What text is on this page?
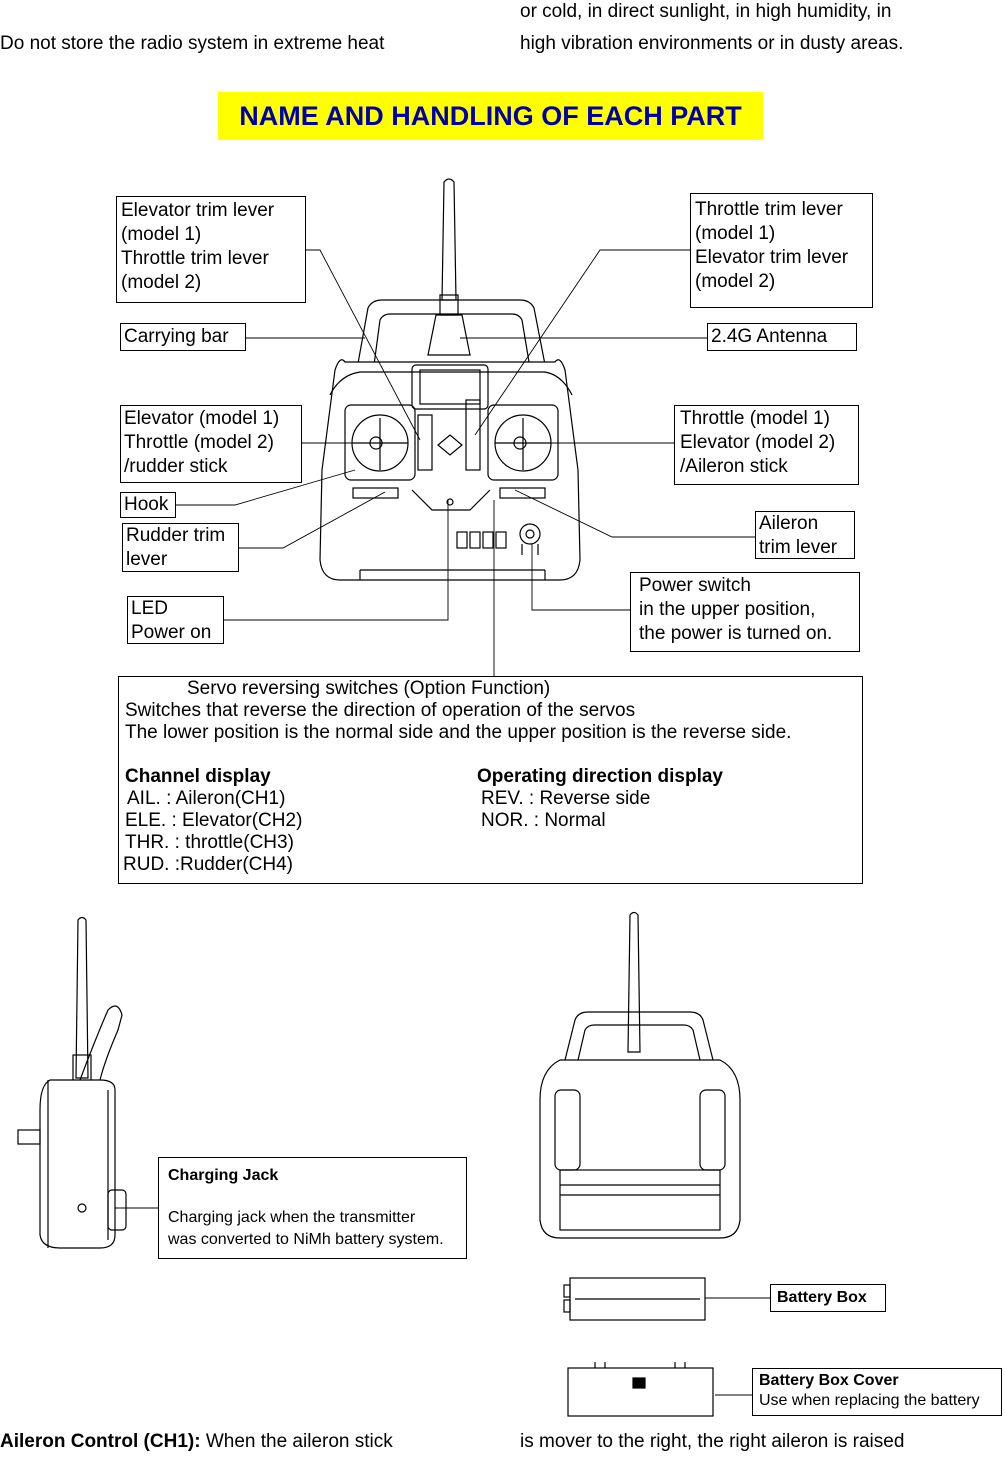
Do not store the radio system in extreme heat
or cold, in direct sunlight, in high humidity, in
high vibration environments or in dusty areas.
NAME AND HANDLING OF EACH PART
Elevator trim lever
(model 1)
Throttle trim lever
(model 2)
Throttle trim lever
(model 1)
Elevator trim lever
(model 2)
Carrying bar	2.4G Antenna
Elevator (model 1)
Throttle (model 2)
/rudder stick
Throttle (model 1)
Elevator (model 2)
/Aileron stick
Hook
Rudder trim
lever
Aileron
trim lever
LED
Power on
Power switch
in the upper position,
the power is turned on.
Servo reversing switches (Option Function)
Switches that reverse the direction of operation of the servos
The lower position is the normal side and the upper position is the reverse side.
Channel display
AIL. : Aileron(CH1)
ELE. : Elevator(CH2)
THR. : throttle(CH3)
RUD. :Rudder(CH4)
Operating direction display
REV. : Reverse side
NOR. : Normal
Charging Jack
Charging jack when the transmitter
was converted to NiMh battery system.
Battery Box
Battery Box Cover
Use when replacing the battery
Aileron Control (CH1): When the aileron stick	is mover to the right, the right aileron is raised
